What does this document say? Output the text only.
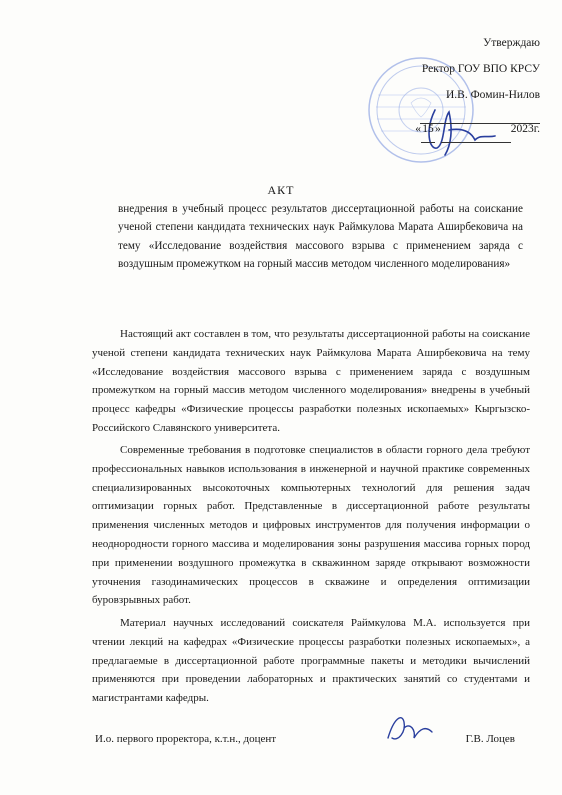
Утверждаю
Ректор ГОУ ВПО КРСУ
И.В. Фомин-Нилов
«15»	2023г.
АКТ
внедрения в учебный процесс результатов диссертационной работы на соискание ученой степени кандидата технических наук Раймкулова Марата Аширбековича на тему «Исследование воздействия массового взрыва с применением заряда с воздушным промежутком на горный массив методом численного моделирования»

Настоящий акт составлен в том, что результаты диссертационной работы на соискание ученой степени кандидата технических наук Раймкулова Марата Аширбековича на тему «Исследование воздействия массового взрыва с применением заряда с воздушным промежутком на горный массив методом численного моделирования» внедрены в учебный процесс кафедры «Физические процессы разработки полезных ископаемых» Кыргызско-Российского Славянского университета.

Современные требования в подготовке специалистов в области горного дела требуют профессиональных навыков использования в инженерной и научной практике современных специализированных высокоточных компьютерных технологий для решения задач оптимизации горных работ. Представленные в диссертационной работе результаты применения численных методов и цифровых инструментов для получения информации о неоднородности горного массива и моделирования зоны разрушения массива горных пород при применении воздушного промежутка в скважинном заряде открывают возможности уточнения газодинамических процессов в скважине и определения оптимизации буровзрывных работ.

Материал научных исследований соискателя Раймкулова М.А. используется при чтении лекций на кафедрах «Физические процессы разработки полезных ископаемых», а предлагаемые в диссертационной работе программные пакеты и методики вычислений применяются при проведении лабораторных и практических занятий со студентами и магистрантами кафедры.

И.о. первого проректора, к.т.н., доцент	Г.В. Лоцев
